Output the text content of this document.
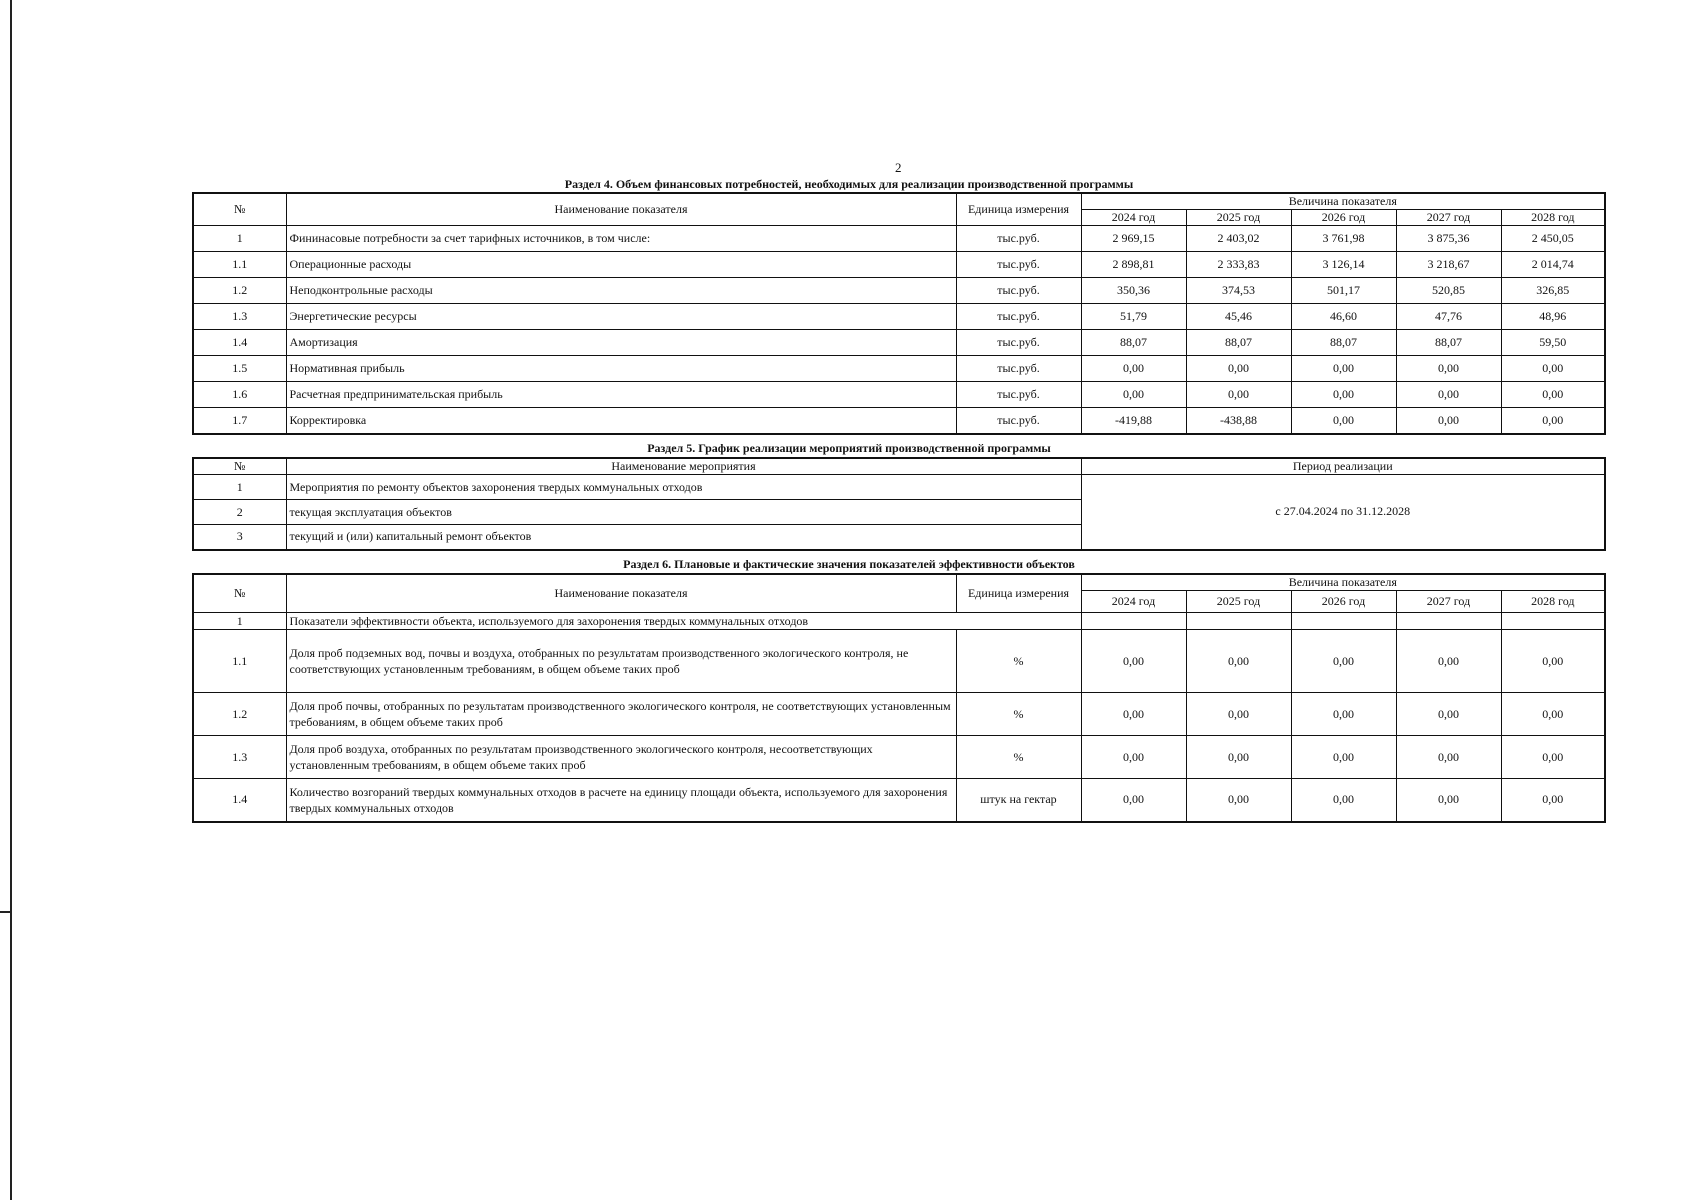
2
Раздел 4. Объем финансовых потребностей, необходимых для реализации производственной программы
№	Наименование показателя	Единица измерения	Величина показателя				
			2024 год	2025 год	2026 год	2027 год	2028 год
1	Фининасовые потребности за счет тарифных источников, в том числе:	тыс.руб.	2 969,15	2 403,02	3 761,98	3 875,36	2 450,05
1.1	Операционные расходы	тыс.руб.	2 898,81	2 333,83	3 126,14	3 218,67	2 014,74
1.2	Неподконтрольные расходы	тыс.руб.	350,36	374,53	501,17	520,85	326,85
1.3	Энергетические ресурсы	тыс.руб.	51,79	45,46	46,60	47,76	48,96
1.4	Амортизация	тыс.руб.	88,07	88,07	88,07	88,07	59,50
1.5	Нормативная прибыль	тыс.руб.	0,00	0,00	0,00	0,00	0,00
1.6	Расчетная предпринимательская прибыль	тыс.руб.	0,00	0,00	0,00	0,00	0,00
1.7	Корректировка	тыс.руб.	-419,88	-438,88	0,00	0,00	0,00
Раздел 5. График реализации мероприятий производственной программы
№	Наименование мероприятия	Период реализации
1	Мероприятия по ремонту объектов захоронения твердых коммунальных отходов	с 27.04.2024 по 31.12.2028
2	текущая эксплуатация объектов	
3	текущий и (или) капитальный ремонт объектов	
Раздел 6. Плановые и фактические значения показателей эффективности объектов
№	Наименование показателя	Единица измерения	Величина показателя				
			2024 год	2025 год	2026 год	2027 год	2028 год
1	Показатели эффективности объекта, используемого для захоронения твердых коммунальных отходов						
1.1	Доля проб подземных вод, почвы и воздуха, отобранных по результатам производственного экологического контроля, не соответствующих установленным требованиям, в общем объеме таких проб	%	0,00	0,00	0,00	0,00	0,00
1.2	Доля проб почвы, отобранных по результатам производственного экологического контроля, не соответствующих установленным требованиям, в общем объеме таких проб	%	0,00	0,00	0,00	0,00	0,00
1.3	Доля проб воздуха, отобранных по результатам производственного экологического контроля, несоответствующих установленным требованиям, в общем объеме таких проб	%	0,00	0,00	0,00	0,00	0,00
1.4	Количество возгораний твердых коммунальных отходов в расчете на единицу площади объекта, используемого для захоронения твердых коммунальных отходов	штук на гектар	0,00	0,00	0,00	0,00	0,00
